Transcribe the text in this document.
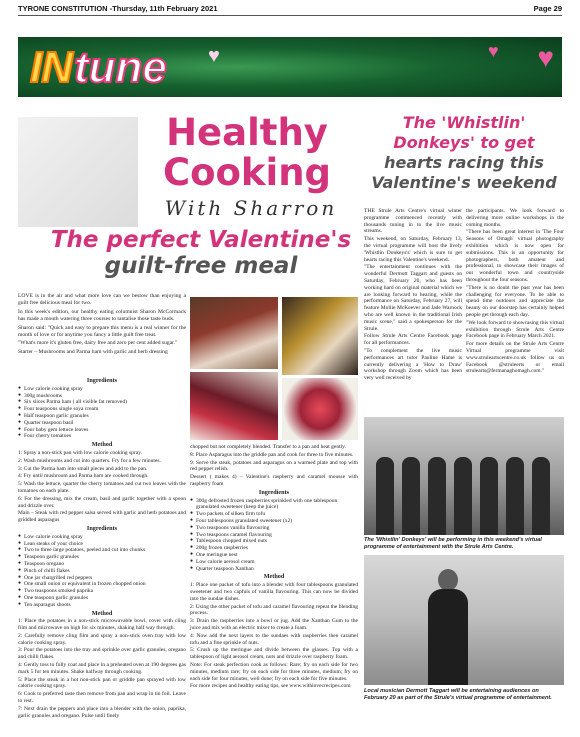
TYRONE CONSTITUTION -Thursday, 11th February 2021	Page 29
♥
♥	♥
IN tune
Healthy
Cooking
With Sharron
The perfect Valentine's
guilt-free meal

LOVE is in the air and what more love can we bestow than enjoying a guilt free delicious meal for two.

In this week's edition, our healthy eating columnist Sharon McCormack has made a mouth watering three courses to tantalise those taste buds.

Sharon said: "Quick and easy to prepare this menu is a real winner for the month of love or for anytime you fancy a little guilt free treat.

"What's more it's gluten free, dairy free and zero per cent added sugar."

Starter – Mushrooms and Parma ham with garlic and herb dressing

Ingredients
● Low calorie cooking spray
● 300g mushrooms
● Six slices Parma ham ( all visible fat removed)
● Four teaspoons single soya cream
● Half teaspoon garlic granules
● Quarter teaspoon basil
● Four baby gem lettuce leaves
● Four cherry tomatoes
Method

1: Spray a non-stick pan with low calorie cooking spray.

2: Wash mushrooms and cut into quarters. Fry for a few minutes.

3: Cut the Parma ham into small pieces and add to the pan.

4: Fry until mushroom and Parma ham are cooked through.

5: Wash the lettuce, quarter the cherry tomatoes and cut two leaves with the tomatoes on each plate.

6: For the dressing, mix the cream, basil and garlic together with a spoon and drizzle over.

Main – Steak with red pepper salsa served with garlic and herb potatoes and griddled asparagus

Ingredients
● Low calorie cooking spray
● Lean steaks of your choice
● Two to three large potatoes, peeled and cut into chunks
● Teaspoon garlic granules
● Teaspoon oregano
● Pinch of chilli flakes
● One jar chargrilled red peppers
● One small onion or equivalent in frozen chopped onion
● Two teaspoons smoked paprika
● One teaspoon garlic granules
● Ten asparagus shoots
Method

1: Place the potatoes in a non-stick microwavable bowl, cover with cling film and microwave on high for six minutes, shaking half way through.

2: Carefully remove cling film and spray a non-stick oven tray with low calorie cooking spray.

3: Pour the potatoes into the tray and sprinkle over garlic granules, oregano and chilli flakes.

4: Gently toss to fully coat and place in a preheated oven at 190 degrees gas mark 5 for ten minutes. Shake halfway through cooking.

5: Place the steak in a hot non-stick pan or griddle pan sprayed with low calorie cooking spray.

6: Cook to preferred taste then remove from pan and wrap in tin foil. Leave to rest.

7: Next drain the peppers and place into a blender with the onion, paprika, garlic granules and oregano. Pulse until finely

chopped but not completely blended. Transfer to a pan and heat gently.

8: Place Asparagus into the griddle pan and cook for three to five minutes.

9: Serve the steak, potatoes and asparagus on a warmed plate and top with red pepper relish.

Dessert ( makes 4) – Valentine's raspberry and caramel mousse with raspberry foam

Ingredients
● 300g defrosted frozen raspberries sprinkled with one tablespoon granulated sweetener (keep the juice)
● Two packets of silken firm tofu
● Four tablespoons granulated sweetener (x2)
● Two teaspoons vanilla flavouring
● Two teaspoons caramel flavouring
● Tablespoon chopped mixed nuts
● 200g frozen raspberries
● One meringue nest
● Low calorie aerosol cream
● Quarter teaspoon Xanthan
Method

1: Place one packet of tofu into a blender with four tablespoons granulated sweetener and two capfuls of vanilla flavouring. This can now be divided into the sundae dishes.

2: Using the other packet of tofu and caramel flavouring repeat the blending process.

3: Drain the raspberries into a bowl or jug. Add the Xanthan Gum to the juice and mix with an electric mixer to create a foam.

4: Now add the next layers to the sundaes with raspberries then caramel tofu and a fine sprinkle of nuts.

5: Crush up the meringue and divide between the glasses. Top with a tablespoon of light aerosol cream, nuts and drizzle over raspberry foam.

Note: For steak perfection cook as follows: Rare; fry on each side for two minutes, medium rare; fry on each side for three minutes, medium; fry on each side for four minutes, well done; fry on each side for five minutes.

For more recipes and healthy eating tips, see www.withlovecrecipes.com

The 'Whistlin'
Donkeys' to get
hearts racing this
Valentine's weekend

THE Strule Arts Centre's virtual winter programme commenced recently with thousands tuning in to the live music streams.

This weekend, on Saturday, February 13, the virtual programme will host the lively 'Whistlin Donkeys's' which is sure to get hearts racing this Valentine's weekend.

"The entertainment continues with the wonderful Dermott Taggart and guests on Saturday, February 20, who has been working hard on original material which we are looking forward to hearing, while the performance on Saturday, February 27, will feature Mollie McKeever and Jade Warnock who are well known in the traditional Irish music scene," said a spokesperson for the Strule.

Follow Strule Arts Centre Facebook page for all performances.

"To complement the live music performances art tutor Pauline Hame is currently delivering a 'How to Draw' workshop through Zoom which has been very well received by

the participants. We look forward to delivering more online workshops in the coming months.

"There has been great interest in 'The Four Seasons of Omagh' virtual photography exhibition which is now open for submissions. This is an opportunity for photographers, both amateur and professional, to showcase their images of our wonderful town and countryside throughout the four seasons.

"There is no doubt the past year has been challenging for everyone. To be able to spend time outdoors and appreciate the beauty on our doorstep has certainly helped people get through each day.

"We look forward to showcasing this virtual exhibition through Strule Arts Centre Facebook page in February March 2021.

For more details on the Strule Arts Centre Virtual programme visit www.struleartscentre.co.uk follow us on Facebook @struleerts or email strulearts@fermanaghomagh.com."

The 'Whistlin' Donkeys' will be performing in this weekend's virtual programme of entertainment with the Strule Arts Centre.
Local musician Dermott Taggart will be entertaining audiences on February 20 as part of the Strule's virtual programme of entertainment.
